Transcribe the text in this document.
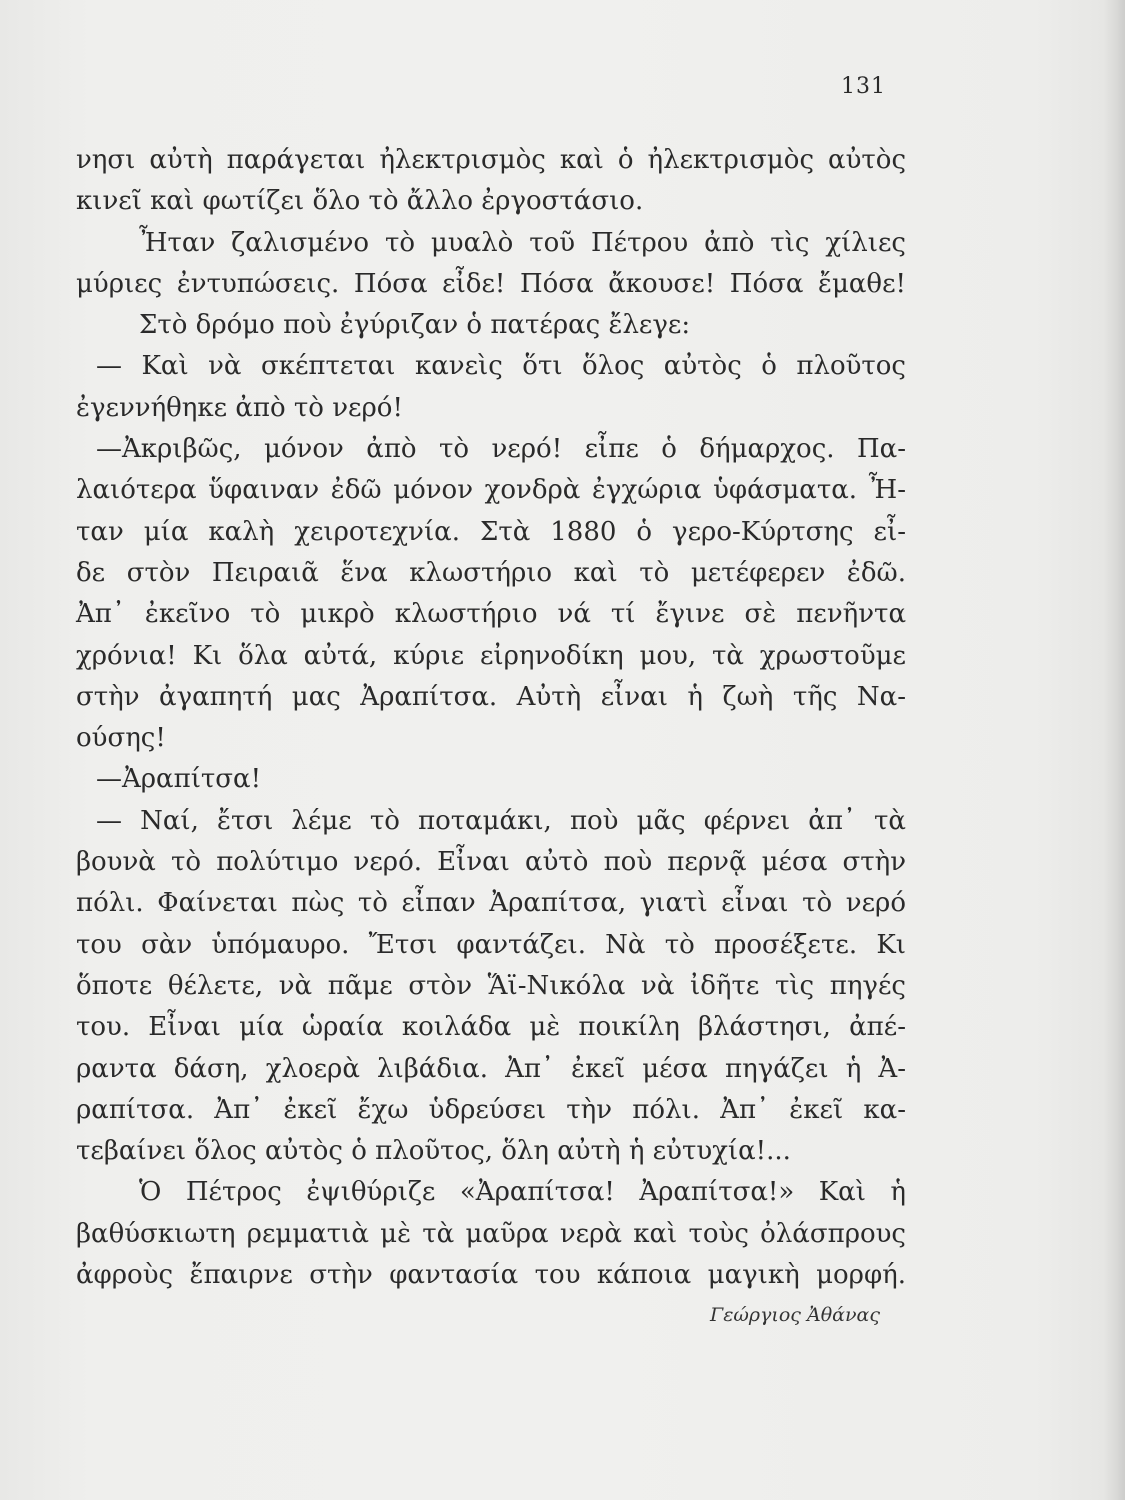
131
νησι αὐτὴ παράγεται ἠλεκτρισμὸς καὶ ὁ ἠλεκτρισμὸς αὐτὸς
κινεῖ καὶ φωτίζει ὅλο τὸ ἄλλο ἐργοστάσιο.
Ἦταν ζαλισμένο τὸ μυαλὸ τοῦ Πέτρου ἀπὸ τὶς χίλιες
μύριες ἐντυπώσεις. Πόσα εἶδε! Πόσα ἄκουσε! Πόσα ἔμαθε!
Στὸ δρόμο ποὺ ἐγύριζαν ὁ πατέρας ἔλεγε:
— Καὶ νὰ σκέπτεται κανεὶς ὅτι ὅλος αὐτὸς ὁ πλοῦτος
ἐγεννήθηκε ἀπὸ τὸ νερό!
—Ἀκριβῶς, μόνον ἀπὸ τὸ νερό! εἶπε ὁ δήμαρχος. Πα-
λαιότερα ὕφαιναν ἐδῶ μόνον χονδρὰ ἐγχώρια ὑφάσματα. Ἦ-
ταν μία καλὴ χειροτεχνία. Στὰ 1880 ὁ γερο-Κύρτσης εἶ-
δε στὸν Πειραιᾶ ἕνα κλωστήριο καὶ τὸ μετέφερεν ἐδῶ.
Ἀπ᾽ ἐκεῖνο τὸ μικρὸ κλωστήριο νά τί ἔγινε σὲ πενῆντα
χρόνια! Κι ὅλα αὐτά, κύριε εἰρηνοδίκη μου, τὰ χρωστοῦμε
στὴν ἀγαπητή μας Ἀραπίτσα. Αὐτὴ εἶναι ἡ ζωὴ τῆς Να-
ούσης!
—Ἀραπίτσα!
— Ναί, ἔτσι λέμε τὸ ποταμάκι, ποὺ μᾶς φέρνει ἀπ᾽ τὰ
βουνὰ τὸ πολύτιμο νερό. Εἶναι αὐτὸ ποὺ περνᾷ μέσα στὴν
πόλι. Φαίνεται πὼς τὸ εἶπαν Ἀραπίτσα, γιατὶ εἶναι τὸ νερό
του σὰν ὑπόμαυρο. Ἔτσι φαντάζει. Νὰ τὸ προσέξετε. Κι
ὅποτε θέλετε, νὰ πᾶμε στὸν Ἅϊ-Νικόλα νὰ ἰδῆτε τὶς πηγές
του. Εἶναι μία ὡραία κοιλάδα μὲ ποικίλη βλάστησι, ἀπέ-
ραντα δάση, χλοερὰ λιβάδια. Ἀπ᾽ ἐκεῖ μέσα πηγάζει ἡ Ἀ-
ραπίτσα. Ἀπ᾽ ἐκεῖ ἔχω ὑδρεύσει τὴν πόλι. Ἀπ᾽ ἐκεῖ κα-
τεβαίνει ὅλος αὐτὸς ὁ πλοῦτος, ὅλη αὐτὴ ἡ εὐτυχία!...
Ὁ Πέτρος ἐψιθύριζε «Ἀραπίτσα! Ἀραπίτσα!» Καὶ ἡ
βαθύσκιωτη ρεμματιὰ μὲ τὰ μαῦρα νερὰ καὶ τοὺς ὀλάσπρους
ἀφροὺς ἔπαιρνε στὴν φαντασία του κάποια μαγικὴ μορφή.
Γεώργιος Ἀθάνας
